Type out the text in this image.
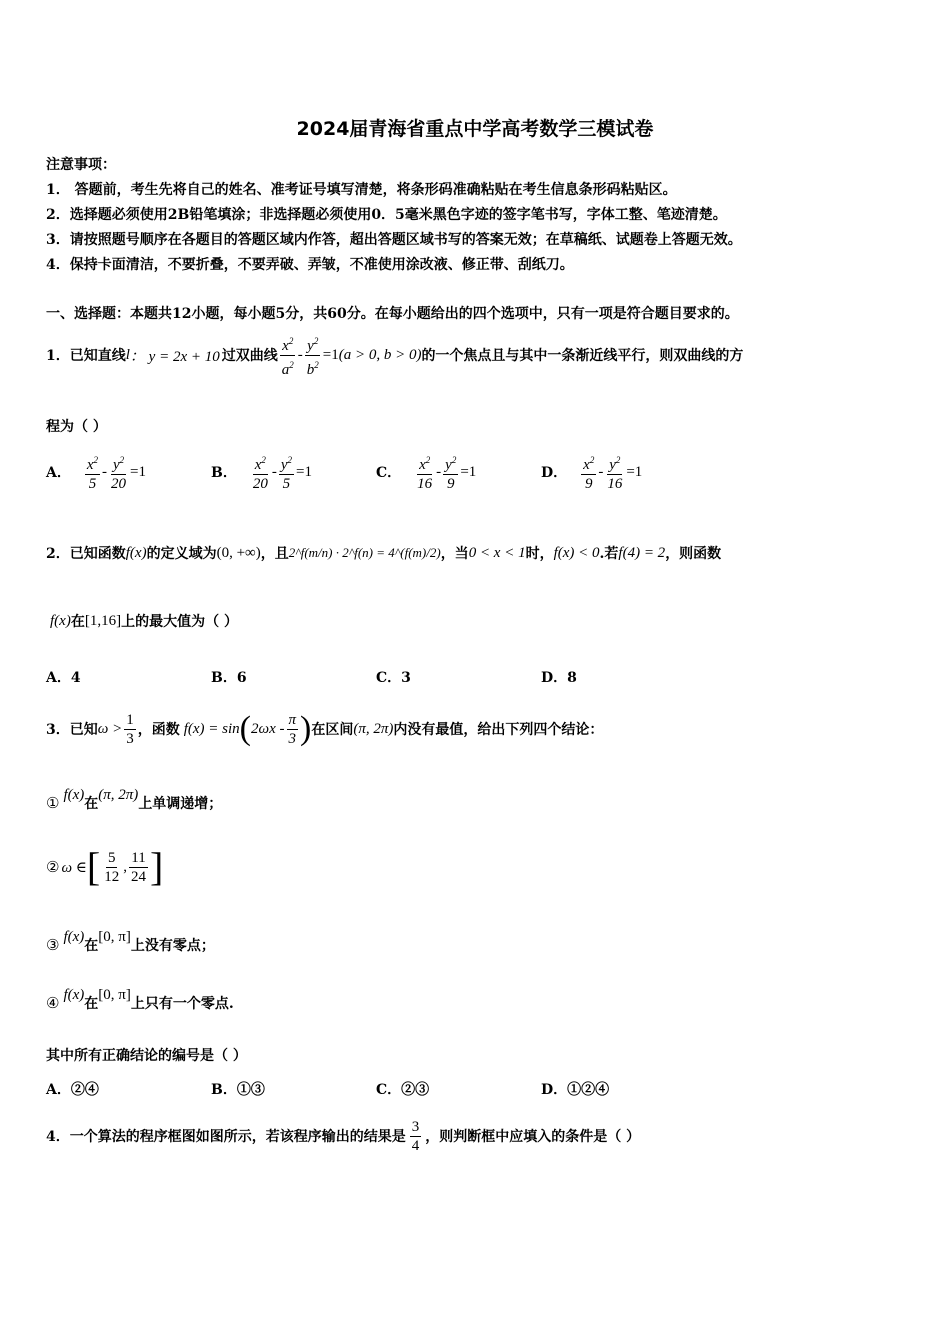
2024届青海省重点中学高考数学三模试卷
注意事项：
1． 答题前，考生先将自己的姓名、准考证号填写清楚，将条形码准确粘贴在考生信息条形码粘贴区。
2．选择题必须使用2B铅笔填涂；非选择题必须使用0．5毫米黑色字迹的签字笔书写，字体工整、笔迹清楚。
3．请按照题号顺序在各题目的答题区域内作答，超出答题区域书写的答案无效；在草稿纸、试题卷上答题无效。
4．保持卡面清洁，不要折叠，不要弄破、弄皱，不准使用涂改液、修正带、刮纸刀。
一、选择题：本题共12小题，每小题5分，共60分。在每小题给出的四个选项中，只有一项是符合题目要求的。
1．已知直线 l ： y = 2x + 10 过双曲线 $\frac{x^2}{a^2} - \frac{y^2}{b^2} =1$ (a > 0, b > 0) 的一个焦点且与其中一条渐近线平行，则双曲线的方
程为（ ）
A． $\frac{x^2}{5} - \frac{y^2}{20} =1$	B． $\frac{x^2}{20} - \frac{y^2}{5} =1$	C． $\frac{x^2}{16} - \frac{y^2}{9} =1$	D． $\frac{x^2}{9} - \frac{y^2}{16} =1$
2．已知函数 f(x) 的定义域为 (0, +∞) ，且 2^f(m/n) · 2^f(n) = 4^(f(m)/2) ，当 0 < x < 1 时， f(x) < 0 .若 f(4) = 2 ，则函数
f(x) 在 [1,16] 上的最大值为（ ）
A．4	B．6	C．3	D．8
3．已知 $\omega > \frac{1}{3}$ ，函数 f(x) = sin ( $2\omega x - \frac{\pi}{3}$ ) 在区间 (π, 2π) 内没有最值，给出下列四个结论：
① f(x)
在
(π, 2π)
上单调递增；
② ω ∈ [ $\frac{5}{12}$ , $\frac{11}{24}$ ]
③ f(x)
在
[0, π]
上没有零点；
④ f(x)
在
[0, π]
上只有一个零点.
其中所有正确结论的编号是（ ）
A．②④	B．①③	C．②③	D．①②④
4．一个算法的程序框图如图所示，若该程序输出的结果是 $\frac{3}{4}$ ，则判断框中应填入的条件是（ ）
